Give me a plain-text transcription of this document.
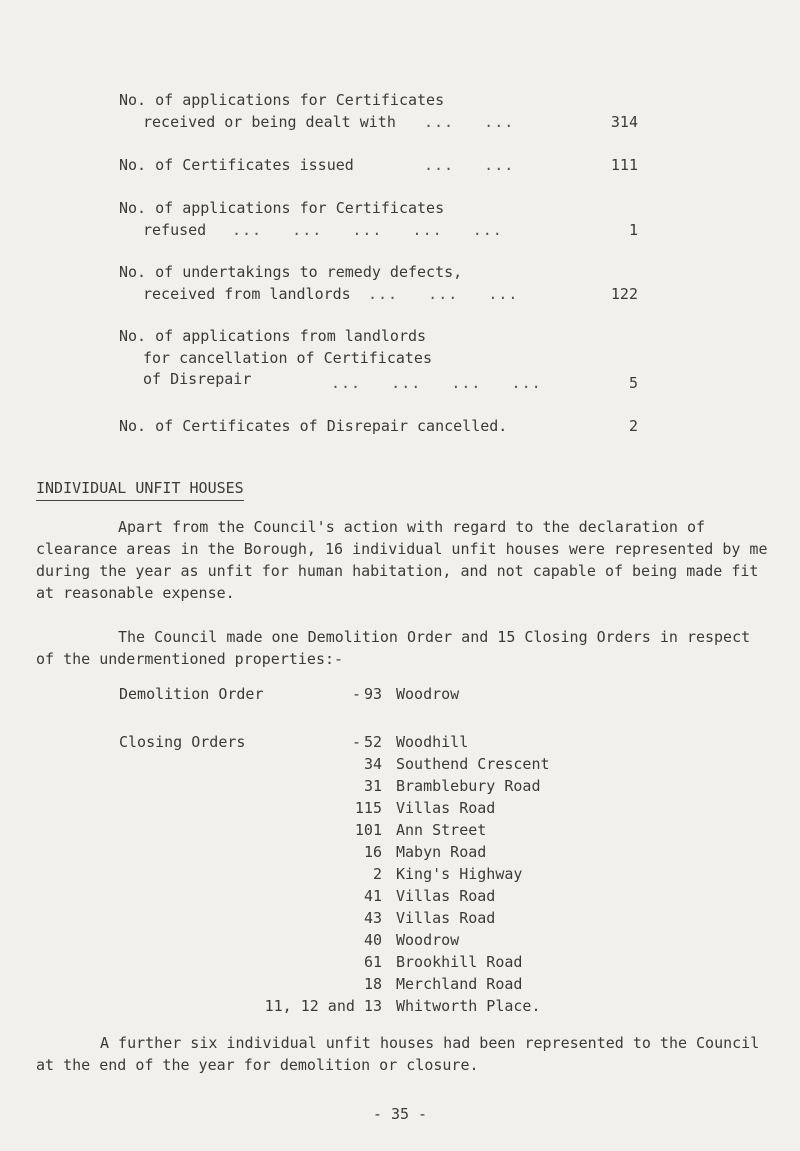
No. of applications for Certificates
received or being dealt with ...   ...	314
No. of Certificates issued	...   ...	111
No. of applications for Certificates
refused ...   ...   ...   ...   ...	1
No. of undertakings to remedy defects,
received from landlords ...   ...   ...	122
No. of applications from landlords
for cancellation of Certificates
of Disrepair	...   ...   ...   ...	5
No. of Certificates of Disrepair cancelled.	2
INDIVIDUAL UNFIT HOUSES
Apart from the Council's action with regard to the declaration of clearance areas in the Borough, 16 individual unfit houses were represented by me during the year as unfit for human habitation, and not capable of being made fit at reasonable expense.
The Council made one Demolition Order and 15 Closing Orders in respect of the undermentioned properties:-
Demolition Order	- 93 Woodrow
Closing Orders	- 52 Woodhill
34 Southend Crescent
31 Bramblebury Road
115 Villas Road
101 Ann Street
16 Mabyn Road
2 King's Highway
41 Villas Road
43 Villas Road
40 Woodrow
61 Brookhill Road
18 Merchland Road
11, 12 and 13 Whitworth Place.
A further six individual unfit houses had been represented to the Council at the end of the year for demolition or closure.
- 35 -
